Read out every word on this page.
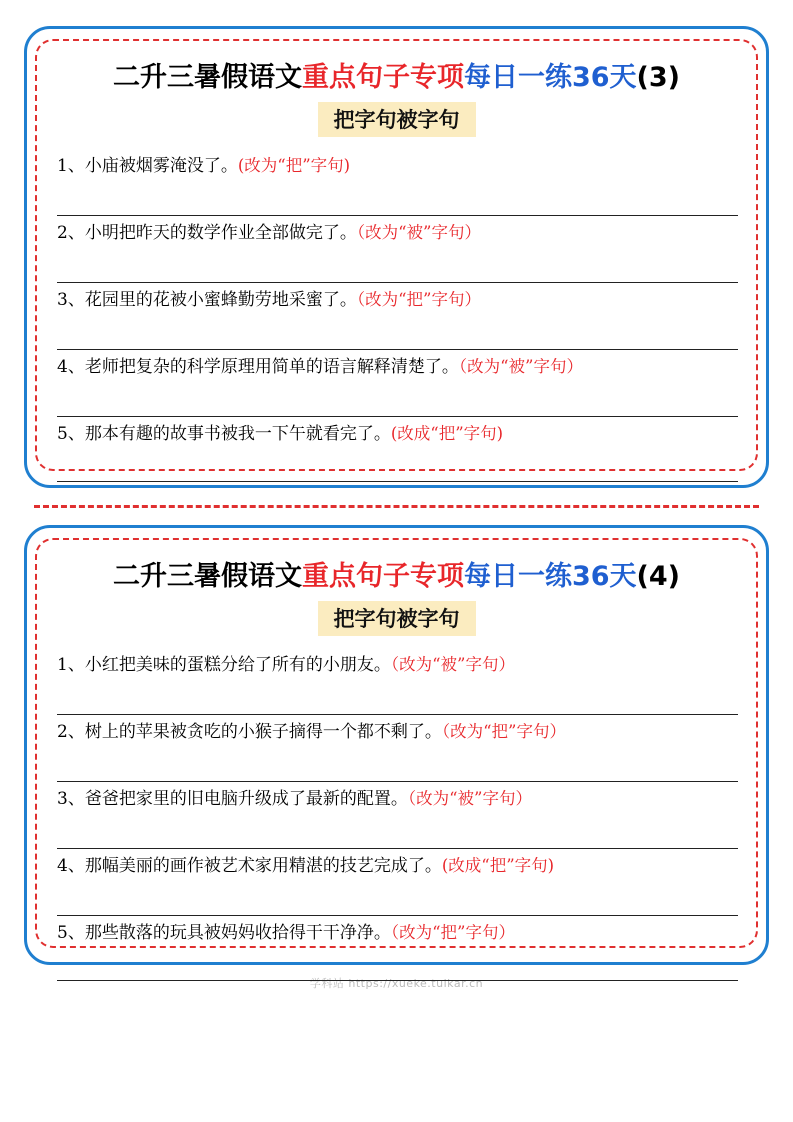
二升三暑假语文重点句子专项每日一练36天(3)
把字句被字句
1、小庙被烟雾淹没了。(改为“把”字句)
2、小明把昨天的数学作业全部做完了。（改为“被”字句）
3、花园里的花被小蜜蜂勤劳地采蜜了。（改为“把”字句）
4、老师把复杂的科学原理用简单的语言解释清楚了。（改为“被”字句）
5、那本有趣的故事书被我一下午就看完了。(改成“把”字句)
二升三暑假语文重点句子专项每日一练36天(4)
把字句被字句
1、小红把美味的蛋糕分给了所有的小朋友。（改为“被”字句）
2、树上的苹果被贪吃的小猴子摘得一个都不剩了。（改为“把”字句）
3、爸爸把家里的旧电脑升级成了最新的配置。（改为“被”字句）
4、那幅美丽的画作被艺术家用精湛的技艺完成了。(改成“把”字句)
5、那些散落的玩具被妈妈收拾得干干净净。（改为“把”字句）
学科站 https://xueke.tuikar.cn
